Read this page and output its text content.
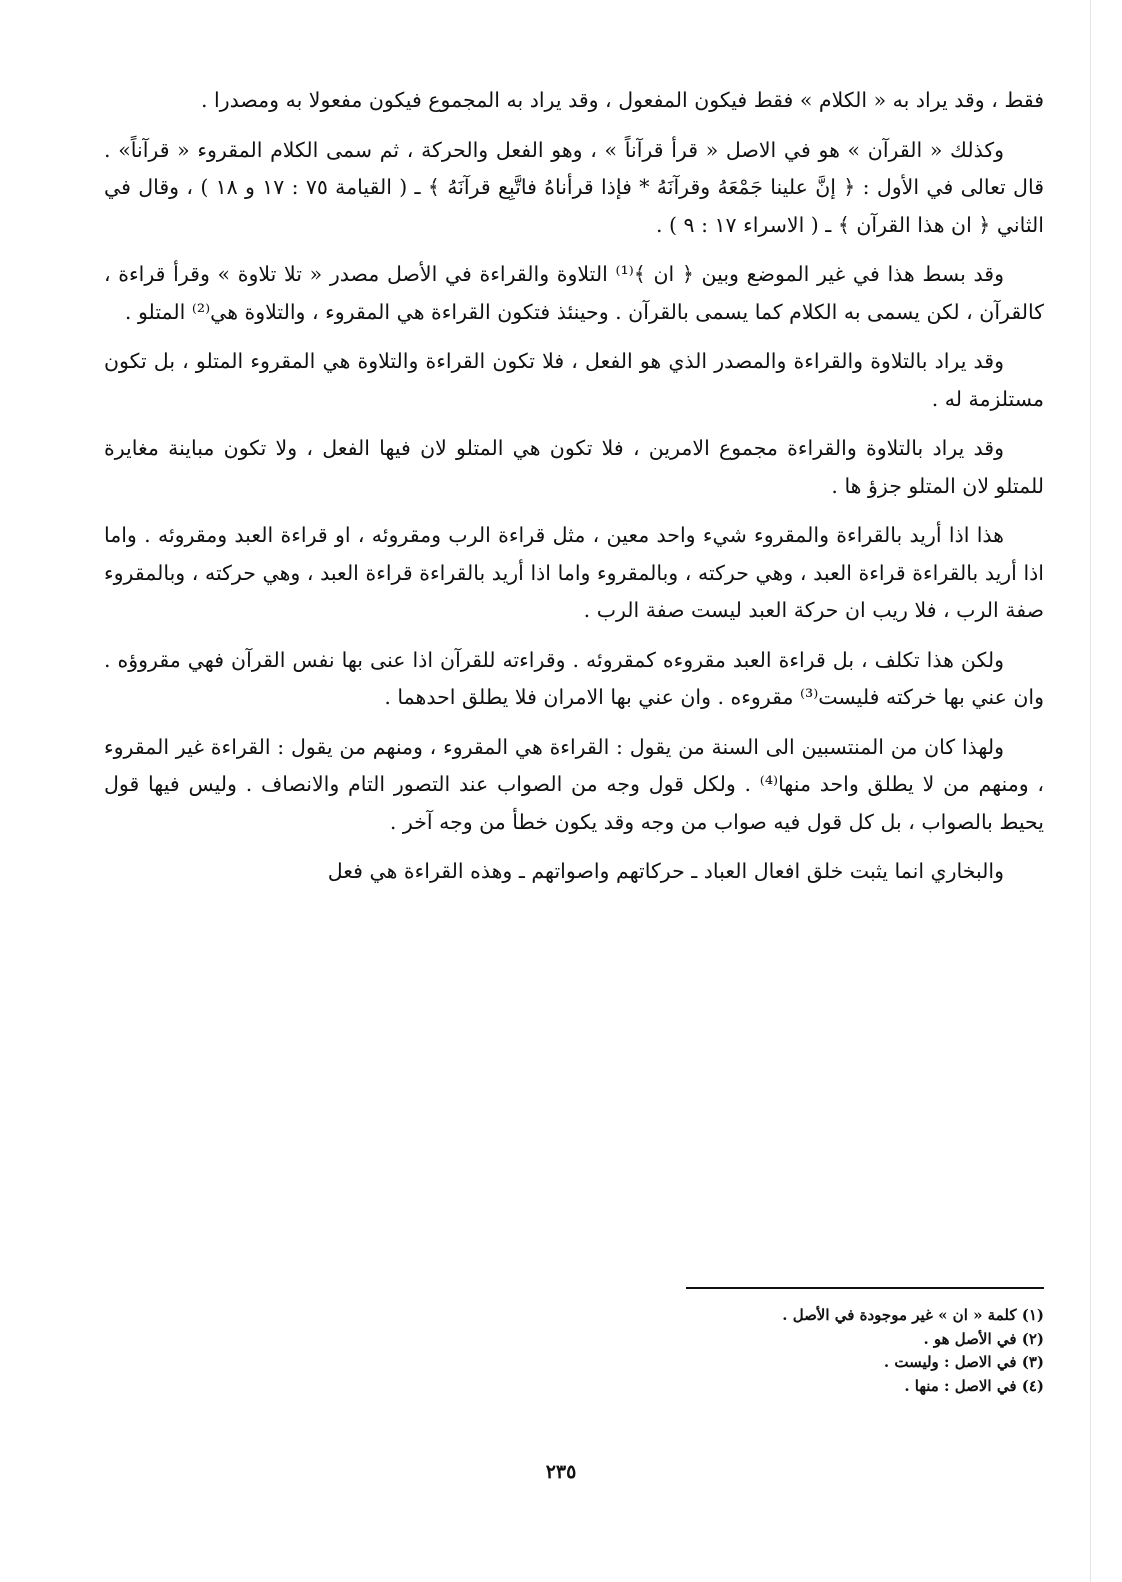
فقط ، وقد يراد به « الكلام » فقط فيكون المفعول ، وقد يراد به المجموع فيكون مفعولا به ومصدرا .

وكذلك « القرآن » هو في الاصل « قرأ قرآناً » ، وهو الفعل والحركة ، ثم سمى الكلام المقروء « قرآناً» . قال تعالى في الأول : ﴿ إنَّ علينا جَمْعَهُ وقرآنَهُ * فإذا قرأناهُ فاتَّبِع قرآنَهُ ﴾ ـ ( القيامة ٧٥ : ١٧ و ١٨ ) ، وقال في الثاني ﴿ ان هذا القرآن ﴾ ـ ( الاسراء ١٧ : ٩ ) .

وقد بسط هذا في غير الموضع وبين ﴿ ان ﴾⁽¹⁾ التلاوة والقراءة في الأصل مصدر « تلا تلاوة » وقرأ قراءة ، كالقرآن ، لكن يسمى به الكلام كما يسمى بالقرآن . وحينئذ فتكون القراءة هي المقروء ، والتلاوة هي⁽²⁾ المتلو .

وقد يراد بالتلاوة والقراءة والمصدر الذي هو الفعل ، فلا تكون القراءة والتلاوة هي المقروء المتلو ، بل تكون مستلزمة له .

وقد يراد بالتلاوة والقراءة مجموع الامرين ، فلا تكون هي المتلو لان فيها الفعل ، ولا تكون مباينة مغايرة للمتلو لان المتلو جزؤ ها .

هذا اذا أريد بالقراءة والمقروء شيء واحد معين ، مثل قراءة الرب ومقروئه ، او قراءة العبد ومقروئه . واما اذا أريد بالقراءة قراءة العبد ، وهي حركته ، وبالمقروء واما اذا أريد بالقراءة قراءة العبد ، وهي حركته ، وبالمقروء صفة الرب ، فلا ريب ان حركة العبد ليست صفة الرب .

ولكن هذا تكلف ، بل قراءة العبد مقروءه كمقروئه . وقراءته للقرآن اذا عنى بها نفس القرآن فهي مقروؤه . وان عني بها خركته فليست⁽³⁾ مقروءه . وان عني بها الامران فلا يطلق احدهما .

ولهذا كان من المنتسبين الى السنة من يقول : القراءة هي المقروء ، ومنهم من يقول : القراءة غير المقروء ، ومنهم من لا يطلق واحد منها⁽⁴⁾ . ولكل قول وجه من الصواب عند التصور التام والانصاف . وليس فيها قول يحيط بالصواب ، بل كل قول فيه صواب من وجه وقد يكون خطأ من وجه آخر .

والبخاري انما يثبت خلق افعال العباد ـ حركاتهم واصواتهم ـ وهذه القراءة هي فعل

(١) كلمة « ان » غير موجودة في الأصل .

(٢) في الأصل هو .

(٣) في الاصل : وليست .

(٤) في الاصل : منها .

٢٣٥
